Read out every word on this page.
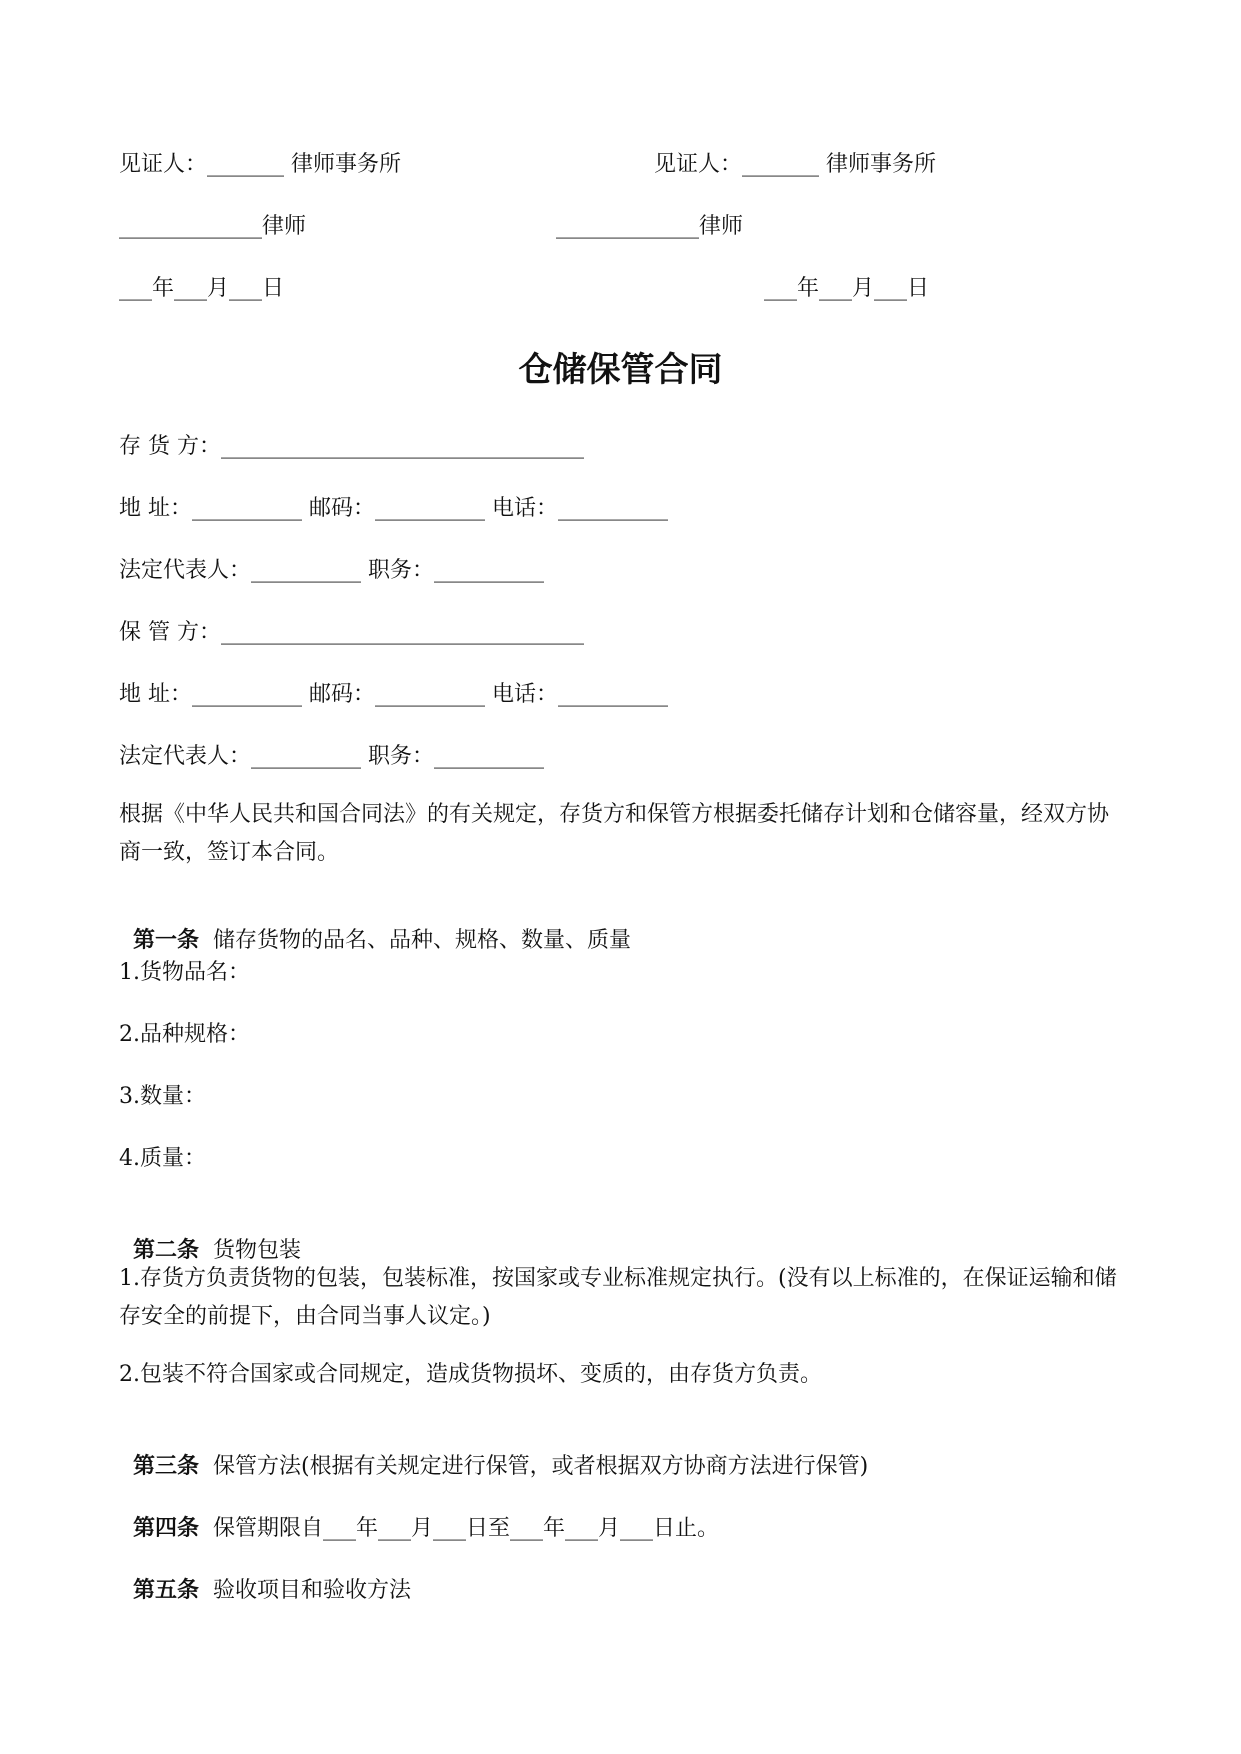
见证人：_______ 律师事务所	见证人：_______ 律师事务所
_____________律师	_____________律师
___年___月___日	___年___月___日
仓储保管合同
存 货 方：_________________________________
地 址：__________ 邮码：__________ 电话：__________
法定代表人：__________ 职务：__________
保 管 方：_________________________________
地 址：__________ 邮码：__________ 电话：__________
法定代表人：__________ 职务：__________
根据《中华人民共和国合同法》的有关规定，存货方和保管方根据委托储存计划和仓储容量，经双方协商一致，签订本合同。

第一条 储存货物的品名、品种、规格、数量、质量

1.货物品名：
2.品种规格：
3.数量：
4.质量：

第二条 货物包装

1.存货方负责货物的包装，包装标准，按国家或专业标准规定执行。(没有以上标准的，在保证运输和储存安全的前提下，由合同当事人议定。)
2.包装不符合国家或合同规定，造成货物损坏、变质的，由存货方负责。

第三条 保管方法(根据有关规定进行保管，或者根据双方协商方法进行保管)

第四条 保管期限自___年___月___日至___年___月___日止。

第五条 验收项目和验收方法
